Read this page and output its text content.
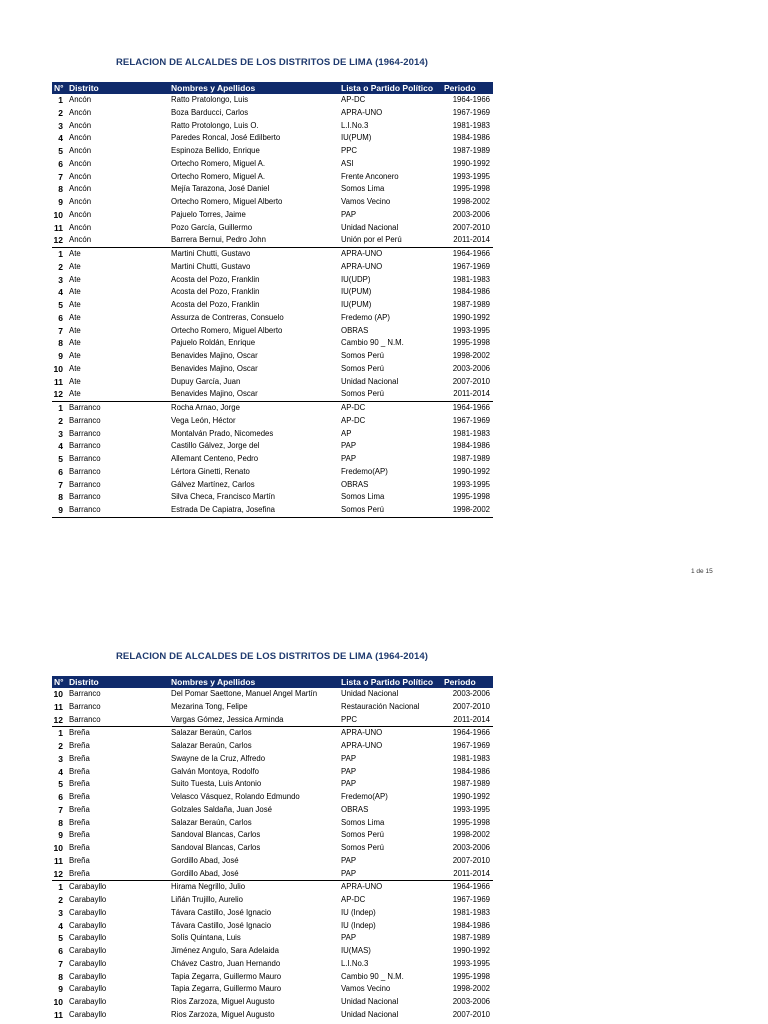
RELACION DE ALCALDES DE LOS DISTRITOS DE LIMA (1964-2014)
N°	Distrito	Nombres y Apellidos	Lista o Partido Político	Periodo
1	Ancón	Ratto Pratolongo, Luis	AP-DC	1964-1966
2	Ancón	Boza Barducci, Carlos	APRA-UNO	1967-1969
3	Ancón	Ratto Protolongo, Luis O.	L.I.No.3	1981-1983
4	Ancón	Paredes Roncal, José Edilberto	IU(PUM)	1984-1986
5	Ancón	Espinoza Bellido, Enrique	PPC	1987-1989
6	Ancón	Ortecho Romero, Miguel A.	ASI	1990-1992
7	Ancón	Ortecho Romero, Miguel A.	Frente Anconero	1993-1995
8	Ancón	Mejía Tarazona, José Daniel	Somos Lima	1995-1998
9	Ancón	Ortecho Romero, Miguel Alberto	Vamos Vecino	1998-2002
10	Ancón	Pajuelo Torres, Jaime	PAP	2003-2006
11	Ancón	Pozo García, Guillermo	Unidad Nacional	2007-2010
12	Ancón	Barrera Bernui, Pedro John	Unión por el Perú	2011-2014
1	Ate	Martini Chutti, Gustavo	APRA-UNO	1964-1966
2	Ate	Martini Chutti, Gustavo	APRA-UNO	1967-1969
3	Ate	Acosta del Pozo, Franklin	IU(UDP)	1981-1983
4	Ate	Acosta del Pozo, Franklin	IU(PUM)	1984-1986
5	Ate	Acosta del Pozo, Franklin	IU(PUM)	1987-1989
6	Ate	Assurza de Contreras, Consuelo	Fredemo (AP)	1990-1992
7	Ate	Ortecho Romero, Miguel Alberto	OBRAS	1993-1995
8	Ate	Pajuelo Roldán, Enrique	Cambio 90 _ N.M.	1995-1998
9	Ate	Benavides Majino, Oscar	Somos Perú	1998-2002
10	Ate	Benavides Majino, Oscar	Somos Perú	2003-2006
11	Ate	Dupuy García, Juan	Unidad Nacional	2007-2010
12	Ate	Benavides Majino, Oscar	Somos Perú	2011-2014
1	Barranco	Rocha Arnao, Jorge	AP-DC	1964-1966
2	Barranco	Vega León, Héctor	AP-DC	1967-1969
3	Barranco	Montalván Prado, Nicomedes	AP	1981-1983
4	Barranco	Castillo Gálvez, Jorge del	PAP	1984-1986
5	Barranco	Allemant Centeno, Pedro	PAP	1987-1989
6	Barranco	Lértora Ginetti, Renato	Fredemo(AP)	1990-1992
7	Barranco	Gálvez Martínez, Carlos	OBRAS	1993-1995
8	Barranco	Silva Checa, Francisco Martín	Somos Lima	1995-1998
9	Barranco	Estrada De Capiatra, Josefina	Somos Perú	1998-2002
1 de 15
RELACION DE ALCALDES DE LOS DISTRITOS DE LIMA (1964-2014)
N°	Distrito	Nombres y Apellidos	Lista o Partido Político	Periodo
10	Barranco	Del Pomar Saettone, Manuel Angel Martín	Unidad Nacional	2003-2006
11	Barranco	Mezarina Tong, Felipe	Restauración Nacional	2007-2010
12	Barranco	Vargas Gómez, Jessica Arminda	PPC	2011-2014
1	Breña	Salazar Beraún, Carlos	APRA-UNO	1964-1966
2	Breña	Salazar Beraún, Carlos	APRA-UNO	1967-1969
3	Breña	Swayne de la Cruz, Alfredo	PAP	1981-1983
4	Breña	Galván Montoya, Rodolfo	PAP	1984-1986
5	Breña	Suito Tuesta, Luis Antonio	PAP	1987-1989
6	Breña	Velasco Vásquez, Rolando Edmundo	Fredemo(AP)	1990-1992
7	Breña	Golzales Saldaña, Juan José	OBRAS	1993-1995
8	Breña	Salazar Beraún, Carlos	Somos Lima	1995-1998
9	Breña	Sandoval Blancas, Carlos	Somos Perú	1998-2002
10	Breña	Sandoval Blancas, Carlos	Somos Perú	2003-2006
11	Breña	Gordillo Abad, José	PAP	2007-2010
12	Breña	Gordillo Abad, José	PAP	2011-2014
1	Carabayllo	Hirama Negrillo, Julio	APRA-UNO	1964-1966
2	Carabayllo	Liñán Trujillo, Aurelio	AP-DC	1967-1969
3	Carabayllo	Távara Castillo, José Ignacio	IU (Indep)	1981-1983
4	Carabayllo	Távara Castillo, José Ignacio	IU (Indep)	1984-1986
5	Carabayllo	Solís Quintana, Luis	PAP	1987-1989
6	Carabayllo	Jiménez Angulo, Sara Adelaida	IU(MAS)	1990-1992
7	Carabayllo	Chávez Castro, Juan Hernando	L.I.No.3	1993-1995
8	Carabayllo	Tapia Zegarra, Guillermo Mauro	Cambio 90 _ N.M.	1995-1998
9	Carabayllo	Tapia Zegarra, Guillermo Mauro	Vamos Vecino	1998-2002
10	Carabayllo	Rios Zarzoza, Miguel Augusto	Unidad Nacional	2003-2006
11	Carabayllo	Rios Zarzoza, Miguel Augusto	Unidad Nacional	2007-2010
